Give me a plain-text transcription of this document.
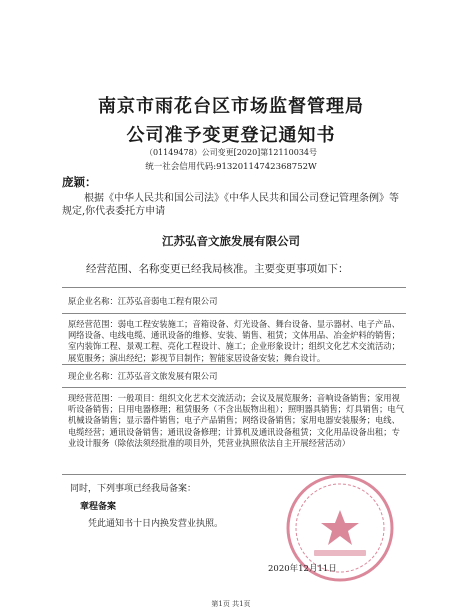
南京市雨花台区市场监督管理局
公司准予变更登记通知书
（01149478）公司变更[2020]第12110034号
统一社会信用代码:91320114742368752W
庞颖：
根据《中华人民共和国公司法》《中华人民共和国公司登记管理条例》等规定,你代表委托方申请
江苏弘音文旅发展有限公司
经营范围、名称变更已经我局核准。主要变更事项如下：
原企业名称：江苏弘音弱电工程有限公司
原经营范围：弱电工程安装施工；音箱设备、灯光设备、舞台设备、显示器材、电子产品、网络设备、电线电缆、通讯设备的维修、安装、销售、租赁；文体用品、冶金炉料的销售；室内装饰工程、景观工程、亮化工程设计、施工；企业形象设计；组织文化艺术交流活动；展览服务；演出经纪；影视节目制作；智能家居设备安装；舞台设计。
现企业名称：江苏弘音文旅发展有限公司
现经营范围：一般项目：组织文化艺术交流活动；会议及展览服务；音响设备销售；家用视听设备销售；日用电器修理；租赁服务（不含出版物出租）；照明器具销售；灯具销售；电气机械设备销售；显示器件销售；电子产品销售；网络设备销售；家用电器安装服务；电线、电缆经营；通讯设备销售；通讯设备修理；计算机及通讯设备租赁；文化用品设备出租；专业设计服务（除依法须经批准的项目外，凭营业执照依法自主开展经营活动）
同时，下列事项已经我局备案：
章程备案
凭此通知书十日内换发营业执照。
2020年12月11日
第1页 共1页
